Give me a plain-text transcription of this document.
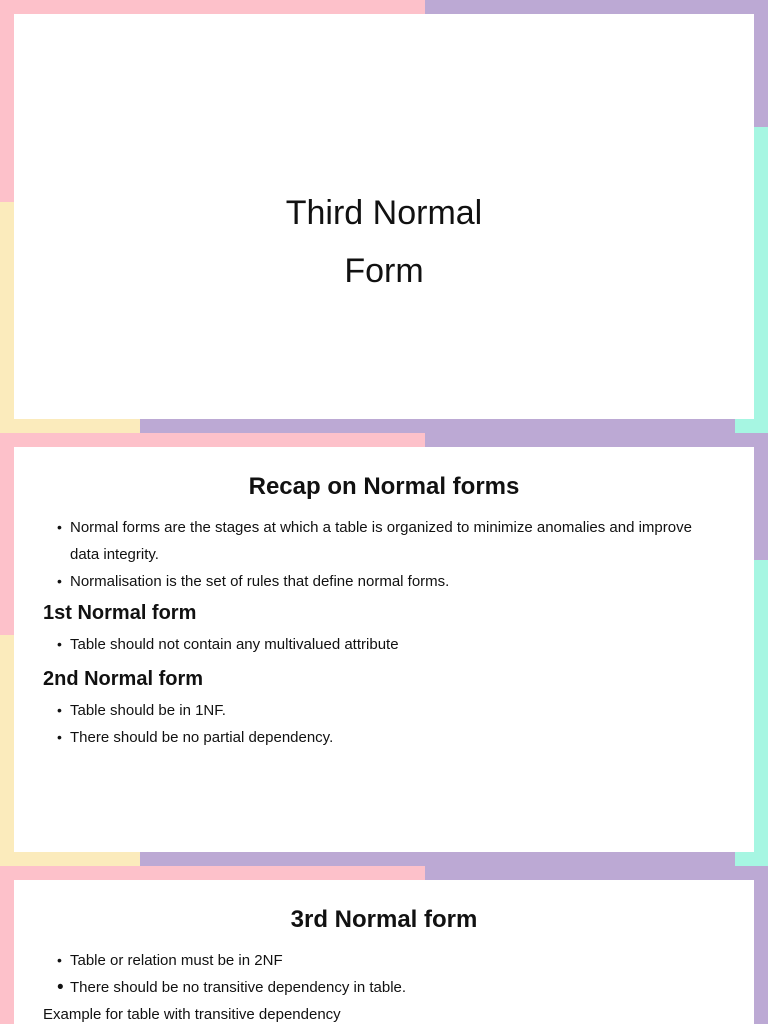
Third Normal
Form
Recap on Normal forms
• Normal forms are the stages at which a table is organized to minimize anomalies and improve data integrity.
• Normalisation is the set of rules that define normal forms.
1st Normal form
• Table should not contain any multivalued attribute
2nd Normal form
• Table should be in 1NF.
• There should be no partial dependency.
3rd Normal form
• Table or relation must be in 2NF
• There should be no transitive dependency in table.

Example for table with transitive dependency
